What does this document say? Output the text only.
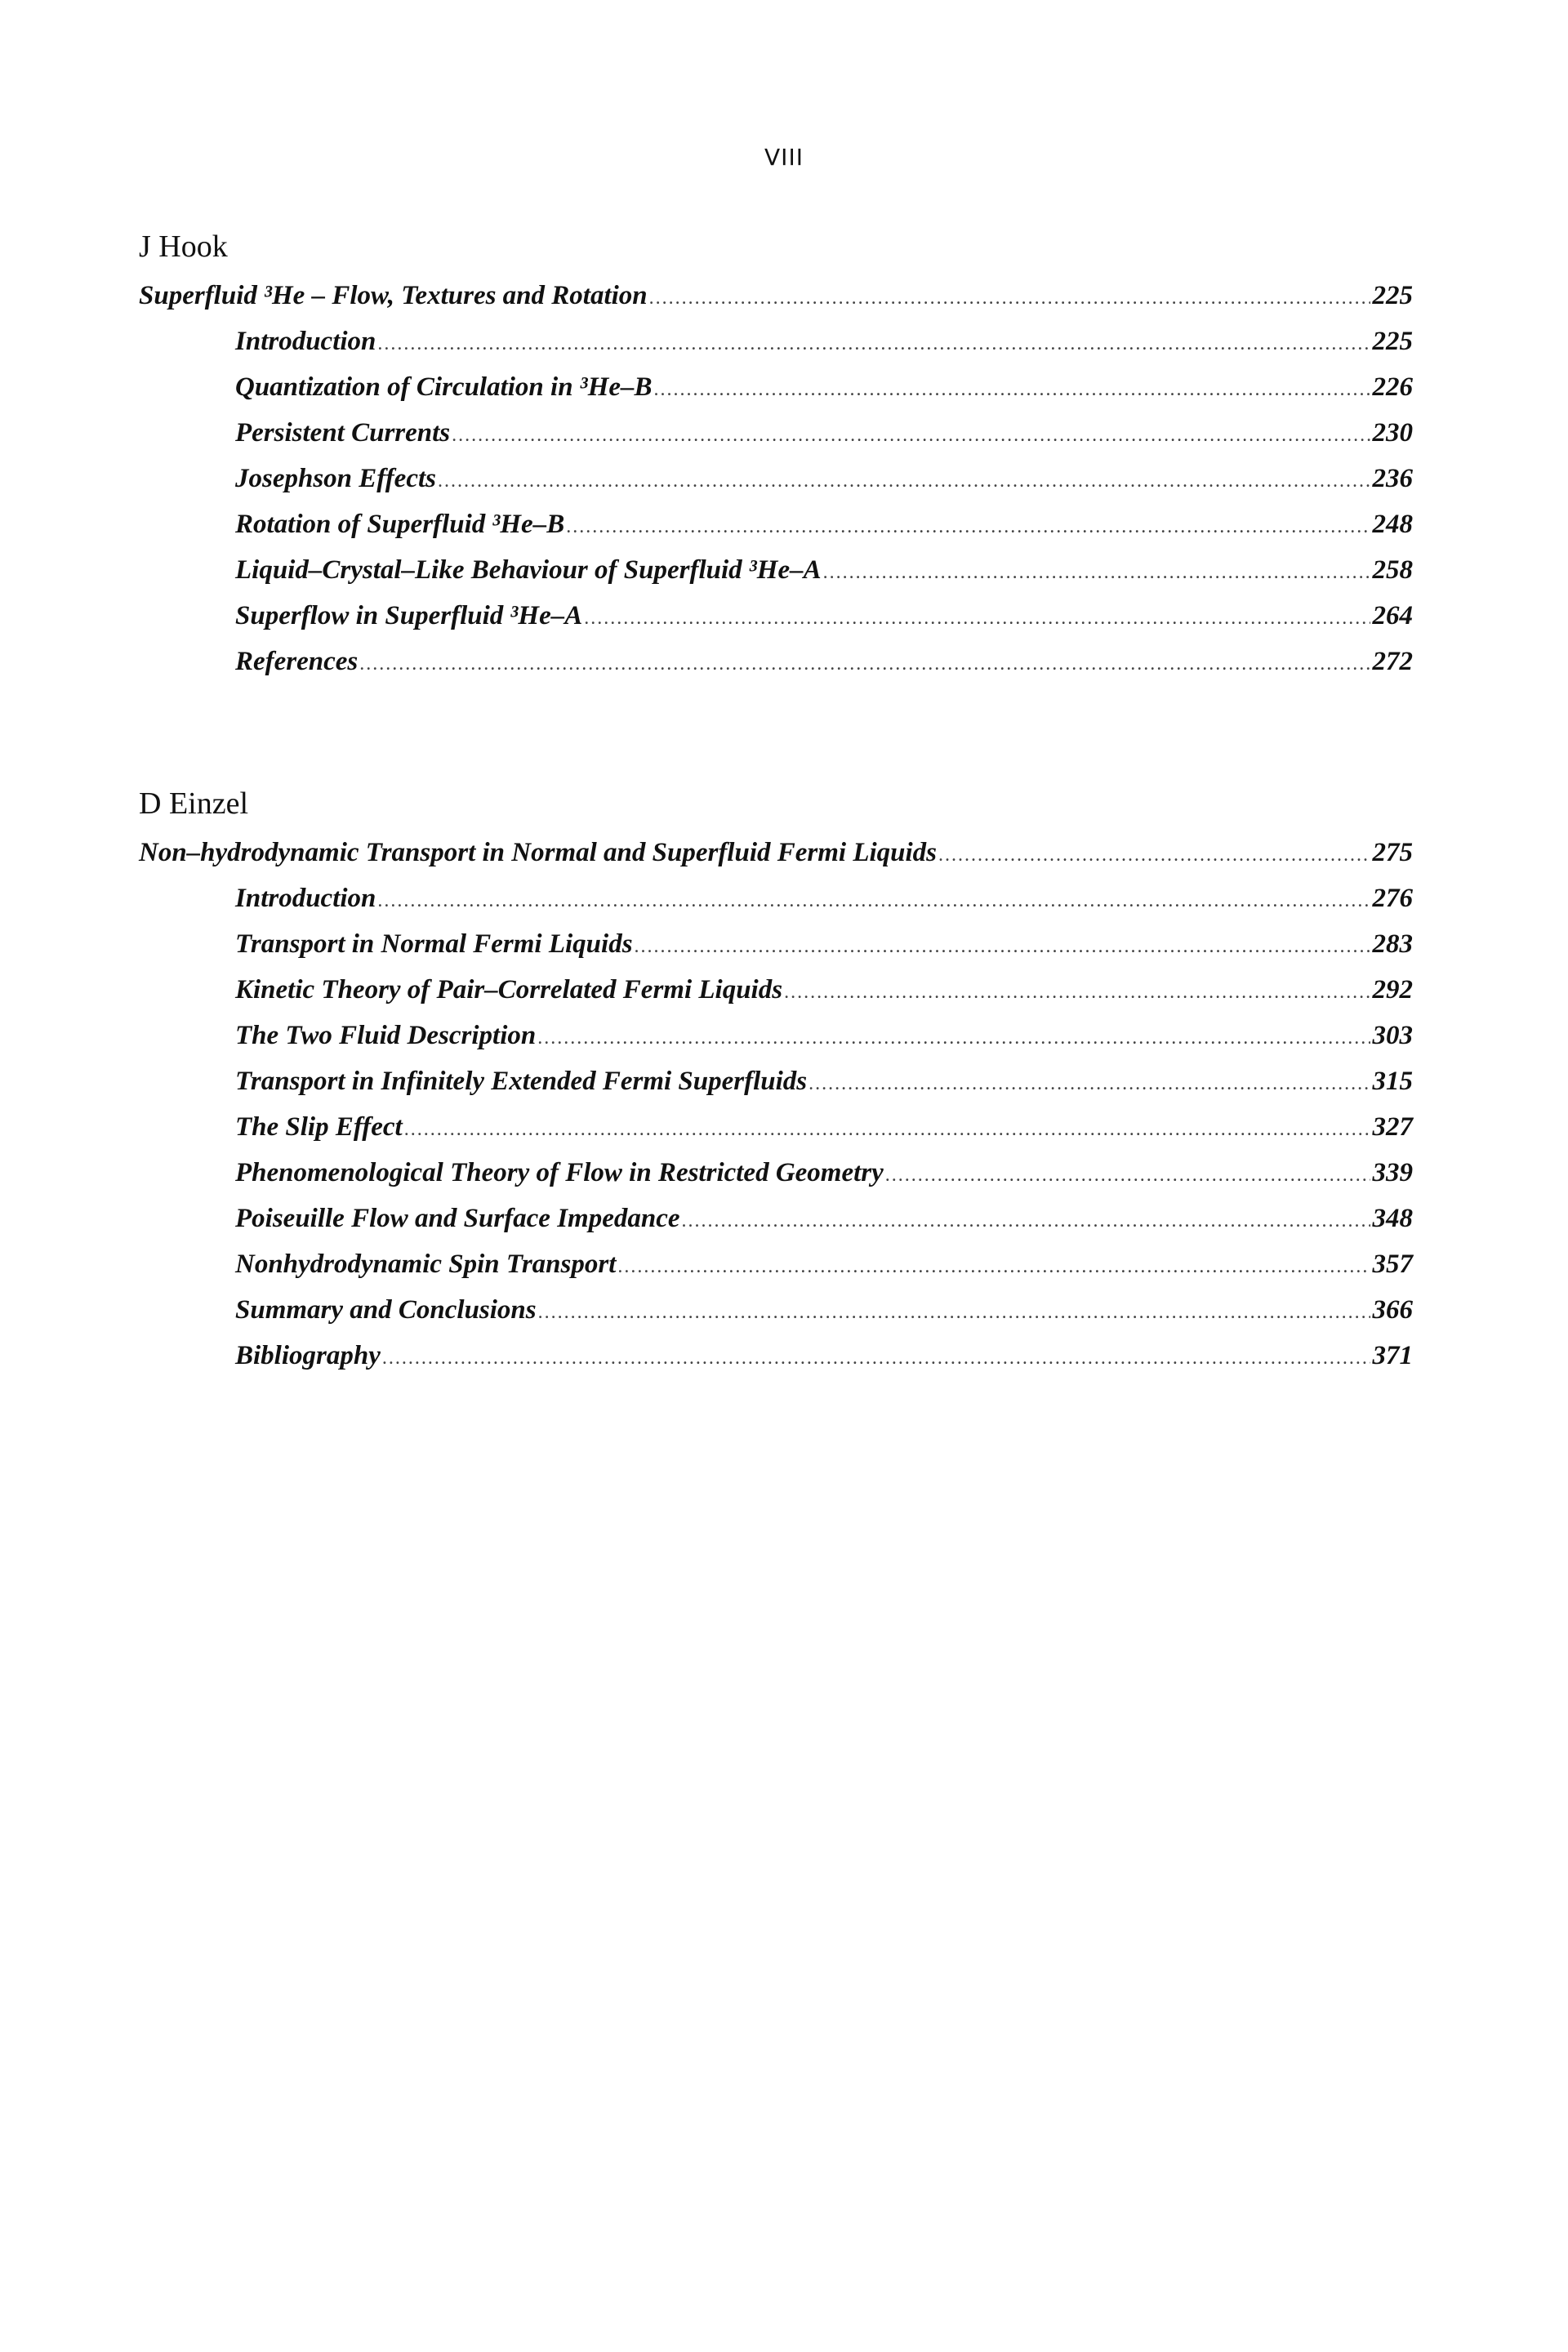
VIII
J Hook
Superfluid ³He – Flow, Textures and Rotation .....	225
Introduction .....	225
Quantization of Circulation in ³He–B .....	226
Persistent Currents .....	230
Josephson Effects .....	236
Rotation of Superfluid ³He–B .....	248
Liquid–Crystal–Like Behaviour of Superfluid ³He–A .....	258
Superflow in Superfluid ³He–A .....	264
References .....	272
D Einzel
Non–hydrodynamic Transport in Normal and Superfluid Fermi Liquids .....	275
Introduction .....	276
Transport in Normal Fermi Liquids .....	283
Kinetic Theory of Pair–Correlated Fermi Liquids .....	292
The Two Fluid Description .....	303
Transport in Infinitely Extended Fermi Superfluids .....	315
The Slip Effect .....	327
Phenomenological Theory of Flow in Restricted Geometry .....	339
Poiseuille Flow and Surface Impedance .....	348
Nonhydrodynamic Spin Transport .....	357
Summary and Conclusions .....	366
Bibliography .....	371
